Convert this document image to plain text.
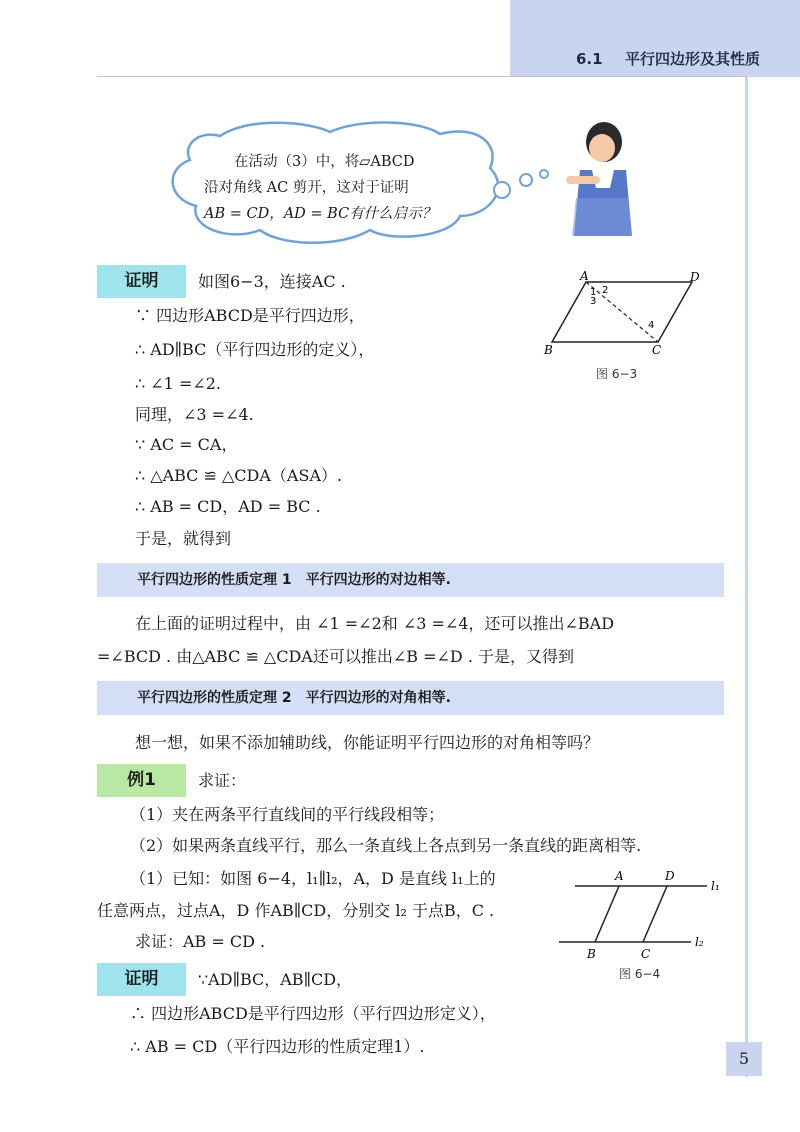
6.1 平行四边形及其性质
在活动（3）中，将▱ABCD
沿对角线 AC 剪开，这对于证明
AB = CD，AD = BC有什么启示？
证明	如图6−3，连接AC .
∵ 四边形ABCD是平行四边形，
∴ AD∥BC（平行四边形的定义），
∴ ∠1 =∠2.
同理，∠3 =∠4.
∵ AC = CA，
∴ △ABC ≌ △CDA（ASA）.
∴ AB = CD，AD = BC .
于是，就得到
A	D
B	C
1 2
3
4
图 6−3
平行四边形的性质定理 1　平行四边形的对边相等.
在上面的证明过程中，由 ∠1 =∠2和 ∠3 =∠4，还可以推出∠BAD
=∠BCD . 由△ABC ≌ △CDA还可以推出∠B =∠D . 于是，又得到
平行四边形的性质定理 2　平行四边形的对角相等.
想一想，如果不添加辅助线，你能证明平行四边形的对角相等吗？
例1	求证：
（1）夹在两条平行直线间的平行线段相等；
（2）如果两条直线平行，那么一条直线上各点到另一条直线的距离相等.
（1）已知：如图 6−4，l₁∥l₂，A，D 是直线 l₁上的
任意两点，过点A，D 作AB∥CD，分别交 l₂ 于点B，C .
求证：AB = CD .
A	D
B	C
l₁
l₂
图 6−4
证明	∵AD∥BC，AB∥CD，
∴ 四边形ABCD是平行四边形（平行四边形定义），
∴ AB = CD（平行四边形的性质定理1）.
5
